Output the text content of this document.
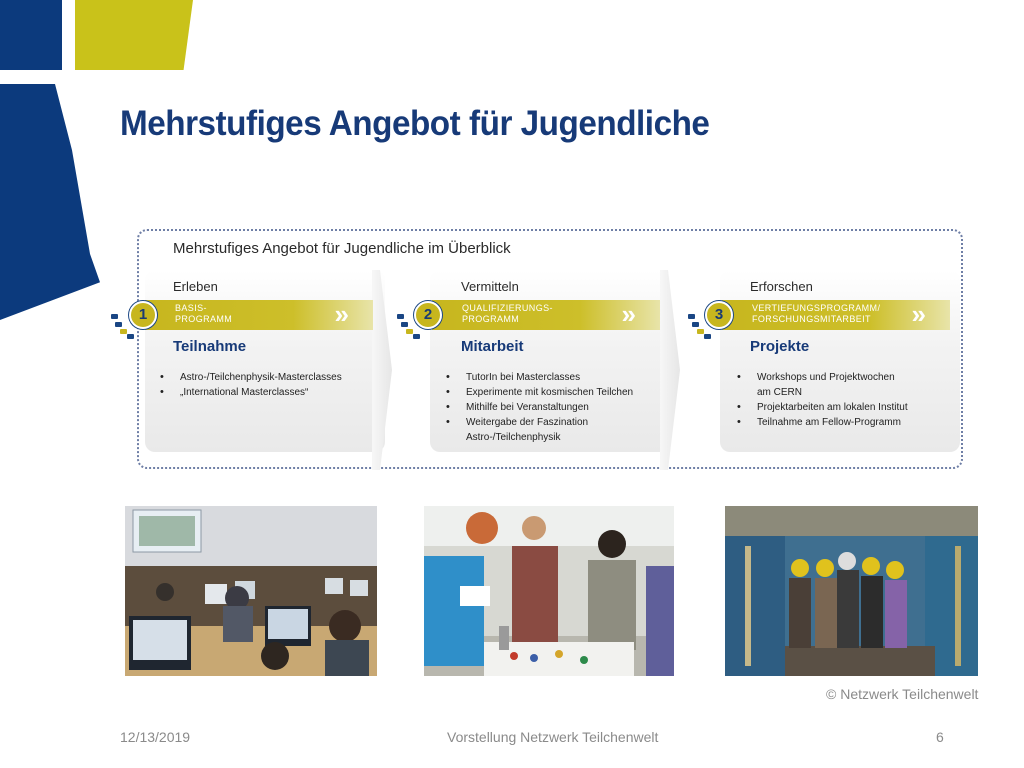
Mehrstufiges Angebot für Jugendliche
Mehrstufiges Angebot für Jugendliche im Überblick
Erleben	Vermitteln	Erforschen
BASIS-
PROGRAMM	»	QUALIFIZIERUNGS-
PROGRAMM	»	VERTIEFUNGSPROGRAMM/
FORSCHUNGSMITARBEIT	»
1	2	3
Teilnahme	Mitarbeit	Projekte
• Astro-/Teilchenphysik-Masterclasses
• „International Masterclasses“
• TutorIn bei Masterclasses
• Experimente mit kosmischen Teilchen
• Mithilfe bei Veranstaltungen
• Weitergabe der Faszination
Astro-/Teilchenphysik
• Workshops und Projektwochen
am CERN
• Projektarbeiten am lokalen Institut
• Teilnahme am Fellow-Programm
© Netzwerk Teilchenwelt
12/13/2019	Vorstellung Netzwerk Teilchenwelt	6
